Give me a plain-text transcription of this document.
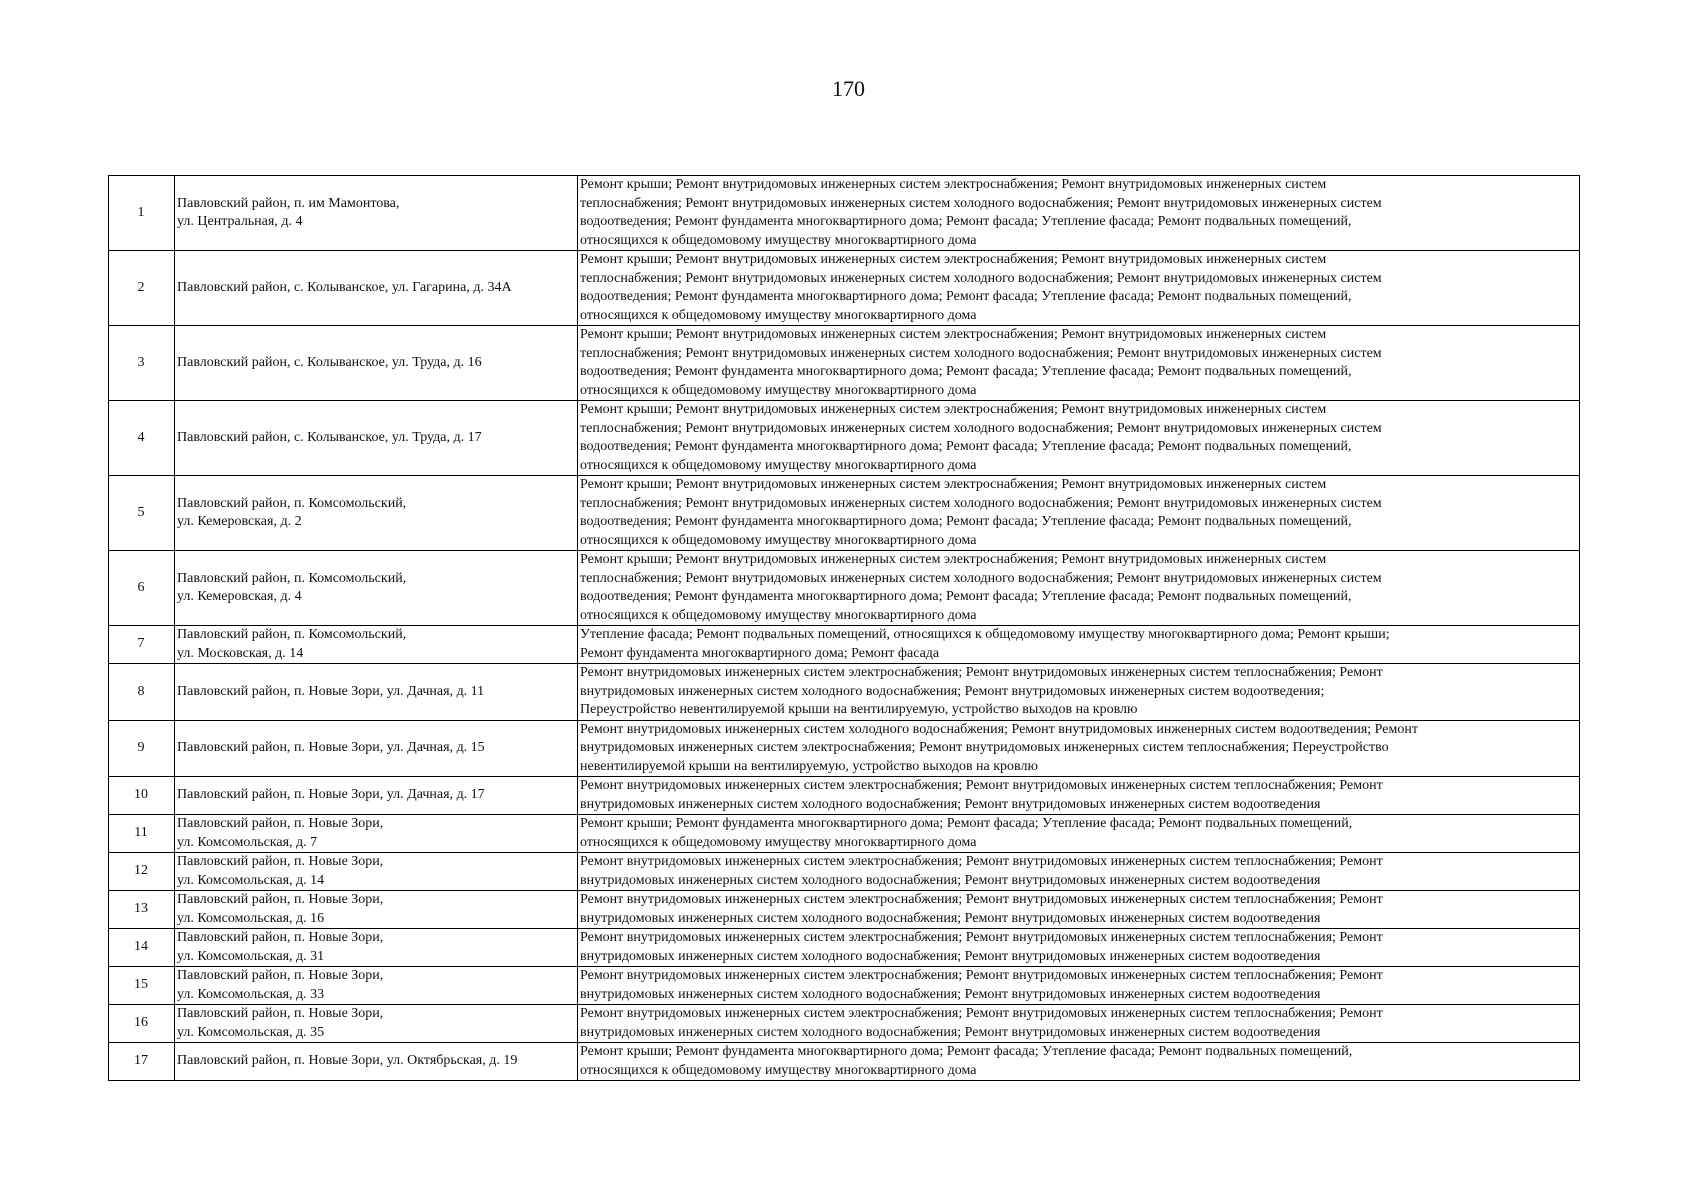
170
1	Павловский район, п. им Мамонтова,
ул. Центральная, д. 4	Ремонт крыши; Ремонт внутридомовых инженерных систем электроснабжения; Ремонт внутридомовых инженерных систем
теплоснабжения; Ремонт внутридомовых инженерных систем холодного водоснабжения; Ремонт внутридомовых инженерных систем
водоотведения; Ремонт фундамента многоквартирного дома; Ремонт фасада; Утепление фасада; Ремонт подвальных помещений,
относящихся к общедомовому имуществу многоквартирного дома

2	Павловский район, с. Колыванское, ул. Гагарина, д. 34А	Ремонт крыши; Ремонт внутридомовых инженерных систем электроснабжения; Ремонт внутридомовых инженерных систем
теплоснабжения; Ремонт внутридомовых инженерных систем холодного водоснабжения; Ремонт внутридомовых инженерных систем
водоотведения; Ремонт фундамента многоквартирного дома; Ремонт фасада; Утепление фасада; Ремонт подвальных помещений,
относящихся к общедомовому имуществу многоквартирного дома

3	Павловский район, с. Колыванское, ул. Труда, д. 16	Ремонт крыши; Ремонт внутридомовых инженерных систем электроснабжения; Ремонт внутридомовых инженерных систем
теплоснабжения; Ремонт внутридомовых инженерных систем холодного водоснабжения; Ремонт внутридомовых инженерных систем
водоотведения; Ремонт фундамента многоквартирного дома; Ремонт фасада; Утепление фасада; Ремонт подвальных помещений,
относящихся к общедомовому имуществу многоквартирного дома

4	Павловский район, с. Колыванское, ул. Труда, д. 17	Ремонт крыши; Ремонт внутридомовых инженерных систем электроснабжения; Ремонт внутридомовых инженерных систем
теплоснабжения; Ремонт внутридомовых инженерных систем холодного водоснабжения; Ремонт внутридомовых инженерных систем
водоотведения; Ремонт фундамента многоквартирного дома; Ремонт фасада; Утепление фасада; Ремонт подвальных помещений,
относящихся к общедомовому имуществу многоквартирного дома

5	Павловский район, п. Комсомольский,
ул. Кемеровская, д. 2	Ремонт крыши; Ремонт внутридомовых инженерных систем электроснабжения; Ремонт внутридомовых инженерных систем
теплоснабжения; Ремонт внутридомовых инженерных систем холодного водоснабжения; Ремонт внутридомовых инженерных систем
водоотведения; Ремонт фундамента многоквартирного дома; Ремонт фасада; Утепление фасада; Ремонт подвальных помещений,
относящихся к общедомовому имуществу многоквартирного дома

6	Павловский район, п. Комсомольский,
ул. Кемеровская, д. 4	Ремонт крыши; Ремонт внутридомовых инженерных систем электроснабжения; Ремонт внутридомовых инженерных систем
теплоснабжения; Ремонт внутридомовых инженерных систем холодного водоснабжения; Ремонт внутридомовых инженерных систем
водоотведения; Ремонт фундамента многоквартирного дома; Ремонт фасада; Утепление фасада; Ремонт подвальных помещений,
относящихся к общедомовому имуществу многоквартирного дома

7	Павловский район, п. Комсомольский,
ул. Московская, д. 14	Утепление фасада; Ремонт подвальных помещений, относящихся к общедомовому имуществу многоквартирного дома; Ремонт крыши;
Ремонт фундамента многоквартирного дома; Ремонт фасада

8	Павловский район, п. Новые Зори, ул. Дачная, д. 11	Ремонт внутридомовых инженерных систем электроснабжения; Ремонт внутридомовых инженерных систем теплоснабжения; Ремонт
внутридомовых инженерных систем холодного водоснабжения; Ремонт внутридомовых инженерных систем водоотведения;
Переустройство невентилируемой крыши на вентилируемую, устройство выходов на кровлю

9	Павловский район, п. Новые Зори, ул. Дачная, д. 15	Ремонт внутридомовых инженерных систем холодного водоснабжения; Ремонт внутридомовых инженерных систем водоотведения; Ремонт
внутридомовых инженерных систем электроснабжения; Ремонт внутридомовых инженерных систем теплоснабжения; Переустройство
невентилируемой крыши на вентилируемую, устройство выходов на кровлю

10	Павловский район, п. Новые Зори, ул. Дачная, д. 17	Ремонт внутридомовых инженерных систем электроснабжения; Ремонт внутридомовых инженерных систем теплоснабжения; Ремонт
внутридомовых инженерных систем холодного водоснабжения; Ремонт внутридомовых инженерных систем водоотведения

11	Павловский район, п. Новые Зори,
ул. Комсомольская, д. 7	Ремонт крыши; Ремонт фундамента многоквартирного дома; Ремонт фасада; Утепление фасада; Ремонт подвальных помещений,
относящихся к общедомовому имуществу многоквартирного дома

12	Павловский район, п. Новые Зори,
ул. Комсомольская, д. 14	Ремонт внутридомовых инженерных систем электроснабжения; Ремонт внутридомовых инженерных систем теплоснабжения; Ремонт
внутридомовых инженерных систем холодного водоснабжения; Ремонт внутридомовых инженерных систем водоотведения

13	Павловский район, п. Новые Зори,
ул. Комсомольская, д. 16	Ремонт внутридомовых инженерных систем электроснабжения; Ремонт внутридомовых инженерных систем теплоснабжения; Ремонт
внутридомовых инженерных систем холодного водоснабжения; Ремонт внутридомовых инженерных систем водоотведения

14	Павловский район, п. Новые Зори,
ул. Комсомольская, д. 31	Ремонт внутридомовых инженерных систем электроснабжения; Ремонт внутридомовых инженерных систем теплоснабжения; Ремонт
внутридомовых инженерных систем холодного водоснабжения; Ремонт внутридомовых инженерных систем водоотведения

15	Павловский район, п. Новые Зори,
ул. Комсомольская, д. 33	Ремонт внутридомовых инженерных систем электроснабжения; Ремонт внутридомовых инженерных систем теплоснабжения; Ремонт
внутридомовых инженерных систем холодного водоснабжения; Ремонт внутридомовых инженерных систем водоотведения

16	Павловский район, п. Новые Зори,
ул. Комсомольская, д. 35	Ремонт внутридомовых инженерных систем электроснабжения; Ремонт внутридомовых инженерных систем теплоснабжения; Ремонт
внутридомовых инженерных систем холодного водоснабжения; Ремонт внутридомовых инженерных систем водоотведения

17	Павловский район, п. Новые Зори, ул. Октябрьская, д. 19	Ремонт крыши; Ремонт фундамента многоквартирного дома; Ремонт фасада; Утепление фасада; Ремонт подвальных помещений,
относящихся к общедомовому имуществу многоквартирного дома
